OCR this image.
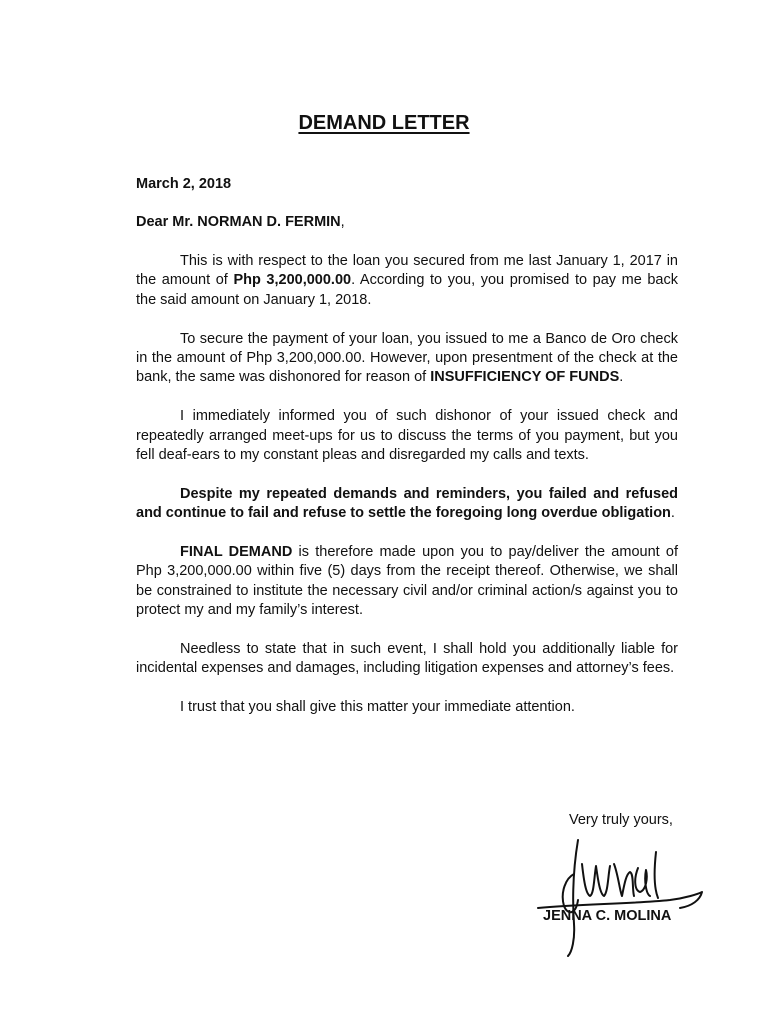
DEMAND LETTER
March 2, 2018
Dear Mr. NORMAN D. FERMIN,

This is with respect to the loan you secured from me last January 1, 2017 in the amount of Php 3,200,000.00. According to you, you promised to pay me back the said amount on January 1, 2018.

To secure the payment of your loan, you issued to me a Banco de Oro check in the amount of Php 3,200,000.00. However, upon presentment of the check at the bank, the same was dishonored for reason of INSUFFICIENCY OF FUNDS.

I immediately informed you of such dishonor of your issued check and repeatedly arranged meet-ups for us to discuss the terms of you payment, but you fell deaf-ears to my constant pleas and disregarded my calls and texts.

Despite my repeated demands and reminders, you failed and refused and continue to fail and refuse to settle the foregoing long overdue obligation.

FINAL DEMAND is therefore made upon you to pay/deliver the amount of Php 3,200,000.00 within five (5) days from the receipt thereof. Otherwise, we shall be constrained to institute the necessary civil and/or criminal action/s against you to protect my and my family’s interest.

Needless to state that in such event, I shall hold you additionally liable for incidental expenses and damages, including litigation expenses and attorney’s fees.

I trust that you shall give this matter your immediate attention.

Very truly yours,
JENNA C. MOLINA
